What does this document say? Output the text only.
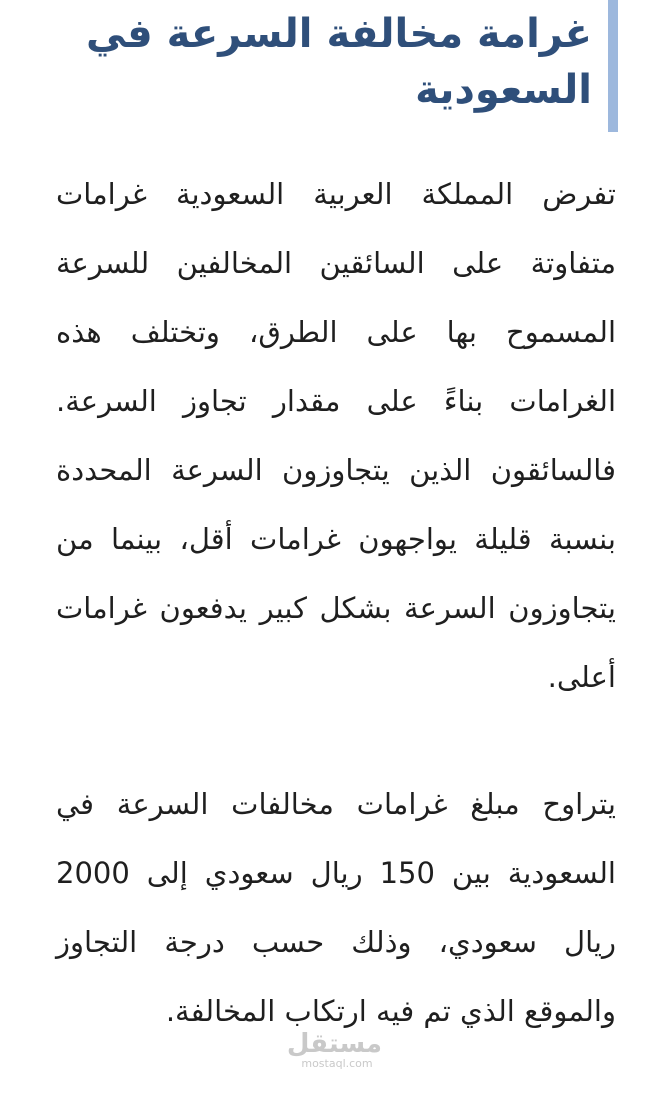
غرامة مخالفة السرعة في السعودية

تفرض المملكة العربية السعودية غرامات متفاوتة على السائقين المخالفين للسرعة المسموح بها على الطرق، وتختلف هذه الغرامات بناءً على مقدار تجاوز السرعة. فالسائقون الذين يتجاوزون السرعة المحددة بنسبة قليلة يواجهون غرامات أقل، بينما من يتجاوزون السرعة بشكل كبير يدفعون غرامات أعلى.

يتراوح مبلغ غرامات مخالفات السرعة في السعودية بين 150 ريال سعودي إلى 2000 ريال سعودي، وذلك حسب درجة التجاوز والموقع الذي تم فيه ارتكاب المخالفة.

مستقل
mostaql.com
